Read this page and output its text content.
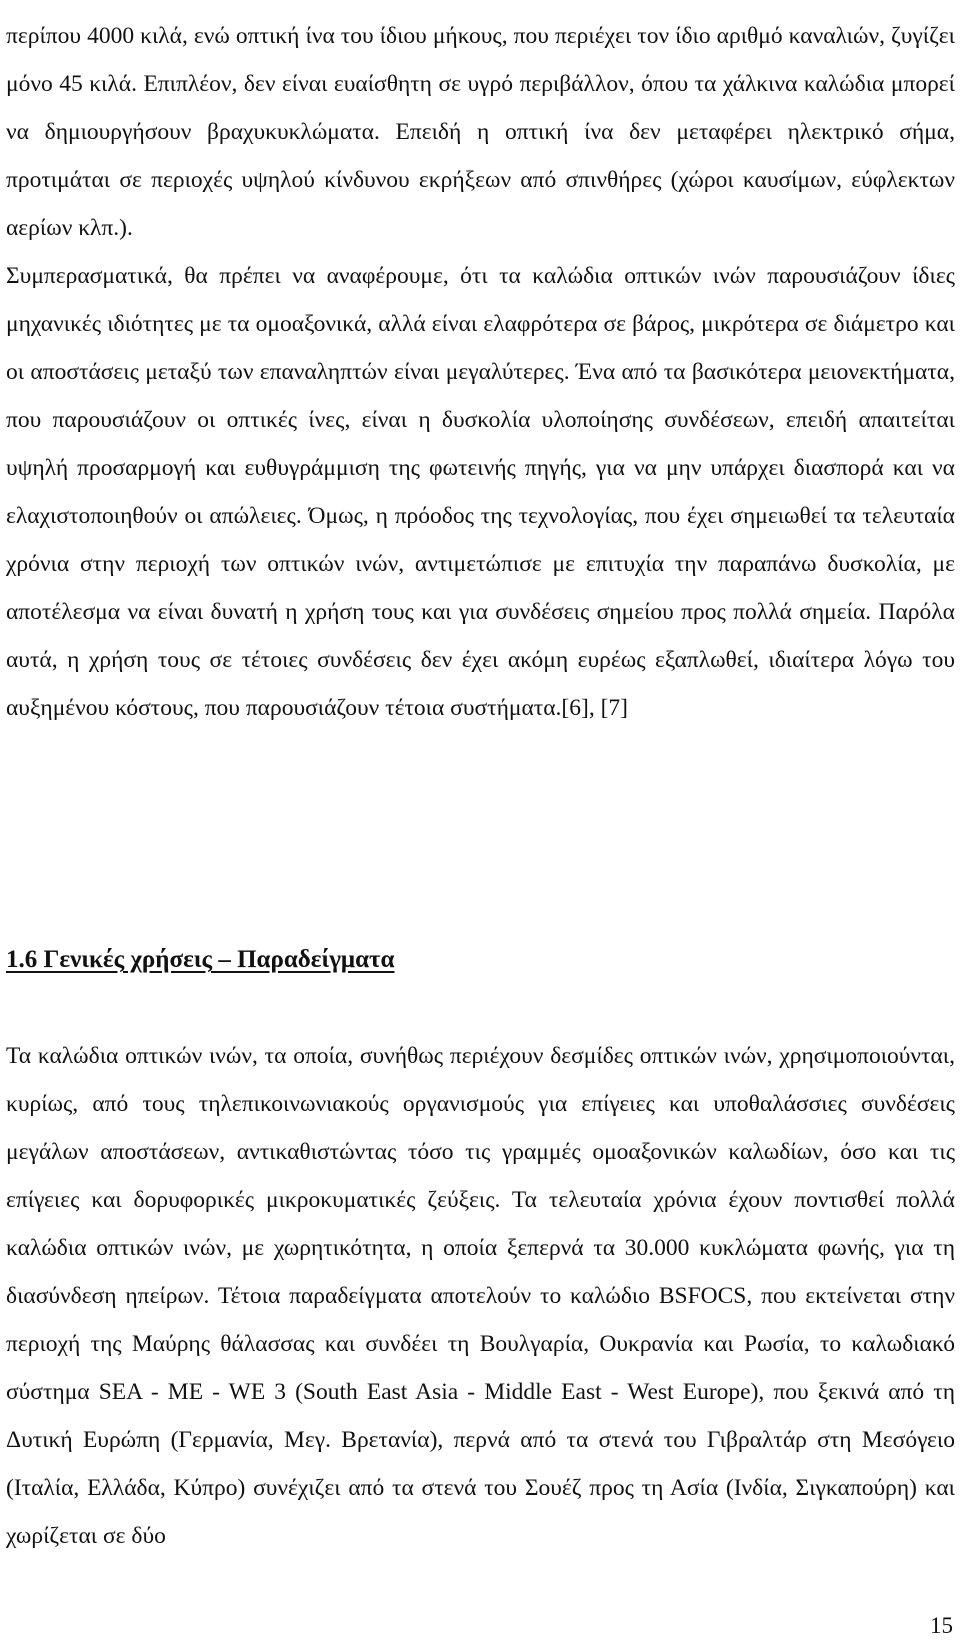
περίπου 4000 κιλά, ενώ οπτική ίνα του ίδιου μήκους, που περιέχει τον ίδιο αριθμό καναλιών, ζυγίζει μόνο 45 κιλά. Επιπλέον, δεν είναι ευαίσθητη σε υγρό περιβάλλον, όπου τα χάλκινα καλώδια μπορεί να δημιουργήσουν βραχυκυκλώματα. Επειδή η οπτική ίνα δεν μεταφέρει ηλεκτρικό σήμα, προτιμάται σε περιοχές υψηλού κίνδυνου εκρήξεων από σπινθήρες (χώροι καυσίμων, εύφλεκτων αερίων κλπ.).

Συμπερασματικά, θα πρέπει να αναφέρουμε, ότι τα καλώδια οπτικών ινών παρουσιάζουν ίδιες μηχανικές ιδιότητες με τα ομοαξονικά, αλλά είναι ελαφρότερα σε βάρος, μικρότερα σε διάμετρο και οι αποστάσεις μεταξύ των επαναληπτών είναι μεγαλύτερες. Ένα από τα βασικότερα μειονεκτήματα, που παρουσιάζουν οι οπτικές ίνες, είναι η δυσκολία υλοποίησης συνδέσεων, επειδή απαιτείται υψηλή προσαρμογή και ευθυγράμμιση της φωτεινής πηγής, για να μην υπάρχει διασπορά και να ελαχιστοποιηθούν οι απώλειες. Όμως, η πρόοδος της τεχνολογίας, που έχει σημειωθεί τα τελευταία χρόνια στην περιοχή των οπτικών ινών, αντιμετώπισε με επιτυχία την παραπάνω δυσκολία, με αποτέλεσμα να είναι δυνατή η χρήση τους και για συνδέσεις σημείου προς πολλά σημεία. Παρόλα αυτά, η χρήση τους σε τέτοιες συνδέσεις δεν έχει ακόμη ευρέως εξαπλωθεί, ιδιαίτερα λόγω του αυξημένου κόστους, που παρουσιάζουν τέτοια συστήματα.[6], [7]

1.6 Γενικές χρήσεις – Παραδείγματα

Τα καλώδια οπτικών ινών, τα οποία, συνήθως περιέχουν δεσμίδες οπτικών ινών, χρησιμοποιούνται, κυρίως, από τους τηλεπικοινωνιακούς οργανισμούς για επίγειες και υποθαλάσσιες συνδέσεις μεγάλων αποστάσεων, αντικαθιστώντας τόσο τις γραμμές ομοαξονικών καλωδίων, όσο και τις επίγειες και δορυφορικές μικροκυματικές ζεύξεις. Τα τελευταία χρόνια έχουν ποντισθεί πολλά καλώδια οπτικών ινών, με χωρητικότητα, η οποία ξεπερνά τα 30.000 κυκλώματα φωνής, για τη διασύνδεση ηπείρων. Τέτοια παραδείγματα αποτελούν το καλώδιο BSFOCS, που εκτείνεται στην περιοχή της Μαύρης θάλασσας και συνδέει τη Βουλγαρία, Ουκρανία και Ρωσία, το καλωδιακό σύστημα SEA - ME - WE 3 (South East Asia - Middle East - West Europe), που ξεκινά από τη Δυτική Ευρώπη (Γερμανία, Μεγ. Βρετανία), περνά από τα στενά του Γιβραλτάρ στη Μεσόγειο (Ιταλία, Ελλάδα, Κύπρο) συνέχιζει από τα στενά του Σουέζ προς τη Ασία (Ινδία, Σιγκαπούρη) και χωρίζεται σε δύο

15
